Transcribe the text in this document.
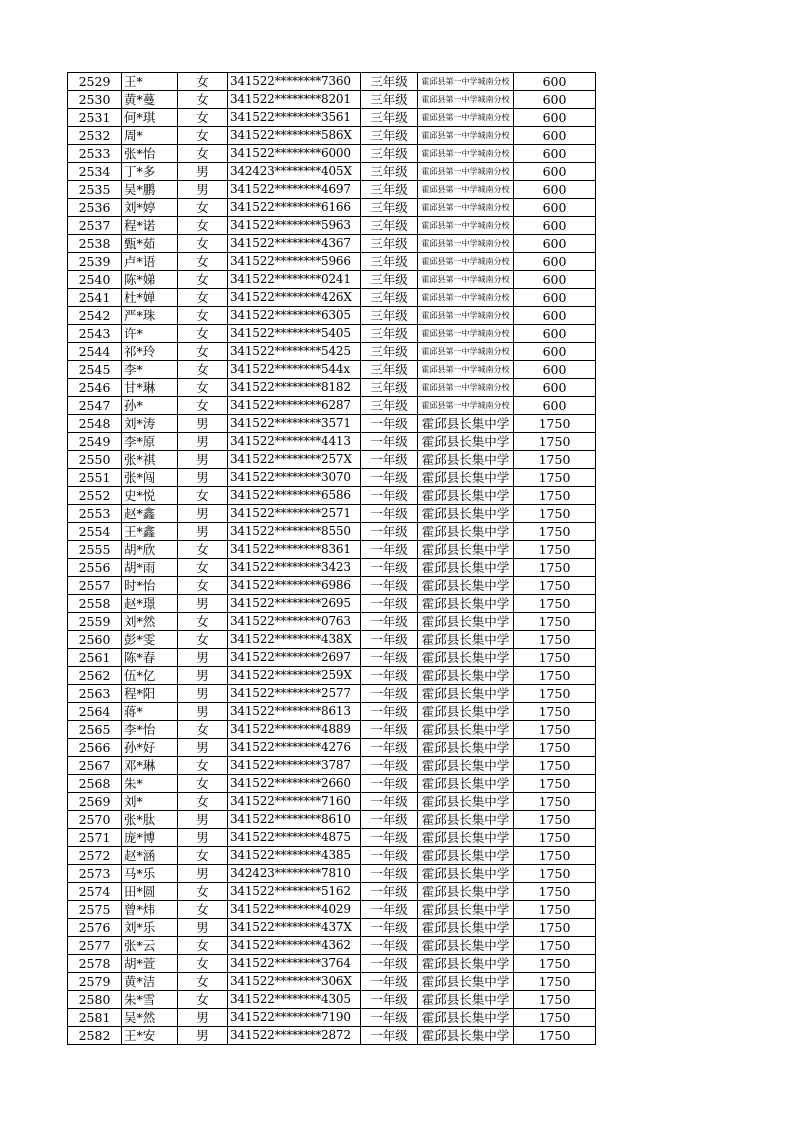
2529	王*	女	341522********7360	三年级	霍邱县第一中学城南分校	600
2530	黄*蔓	女	341522********8201	三年级	霍邱县第一中学城南分校	600
2531	何*琪	女	341522********3561	三年级	霍邱县第一中学城南分校	600
2532	周*	女	341522********586X	三年级	霍邱县第一中学城南分校	600
2533	张*怡	女	341522********6000	三年级	霍邱县第一中学城南分校	600
2534	丁*多	男	342423********405X	三年级	霍邱县第一中学城南分校	600
2535	吴*鹏	男	341522********4697	三年级	霍邱县第一中学城南分校	600
2536	刘*婷	女	341522********6166	三年级	霍邱县第一中学城南分校	600
2537	程*诺	女	341522********5963	三年级	霍邱县第一中学城南分校	600
2538	甄*茹	女	341522********4367	三年级	霍邱县第一中学城南分校	600
2539	卢*语	女	341522********5966	三年级	霍邱县第一中学城南分校	600
2540	陈*娣	女	341522********0241	三年级	霍邱县第一中学城南分校	600
2541	杜*婵	女	341522********426X	三年级	霍邱县第一中学城南分校	600
2542	严*珠	女	341522********6305	三年级	霍邱县第一中学城南分校	600
2543	许*	女	341522********5405	三年级	霍邱县第一中学城南分校	600
2544	祁*玲	女	341522********5425	三年级	霍邱县第一中学城南分校	600
2545	李*	女	341522********544x	三年级	霍邱县第一中学城南分校	600
2546	甘*琳	女	341522********8182	三年级	霍邱县第一中学城南分校	600
2547	孙*	女	341522********6287	三年级	霍邱县第一中学城南分校	600
2548	刘*涛	男	341522********3571	一年级	霍邱县长集中学	1750
2549	李*原	男	341522********4413	一年级	霍邱县长集中学	1750
2550	张*祺	男	341522********257X	一年级	霍邱县长集中学	1750
2551	张*闯	男	341522********3070	一年级	霍邱县长集中学	1750
2552	史*悦	女	341522********6586	一年级	霍邱县长集中学	1750
2553	赵*鑫	男	341522********2571	一年级	霍邱县长集中学	1750
2554	王*鑫	男	341522********8550	一年级	霍邱县长集中学	1750
2555	胡*欣	女	341522********8361	一年级	霍邱县长集中学	1750
2556	胡*雨	女	341522********3423	一年级	霍邱县长集中学	1750
2557	时*怡	女	341522********6986	一年级	霍邱县长集中学	1750
2558	赵*璟	男	341522********2695	一年级	霍邱县长集中学	1750
2559	刘*然	女	341522********0763	一年级	霍邱县长集中学	1750
2560	彭*雯	女	341522********438X	一年级	霍邱县长集中学	1750
2561	陈*春	男	341522********2697	一年级	霍邱县长集中学	1750
2562	伍*亿	男	341522********259X	一年级	霍邱县长集中学	1750
2563	程*阳	男	341522********2577	一年级	霍邱县长集中学	1750
2564	蒋*	男	341522********8613	一年级	霍邱县长集中学	1750
2565	李*怡	女	341522********4889	一年级	霍邱县长集中学	1750
2566	孙*好	男	341522********4276	一年级	霍邱县长集中学	1750
2567	邓*琳	女	341522********3787	一年级	霍邱县长集中学	1750
2568	朱*	女	341522********2660	一年级	霍邱县长集中学	1750
2569	刘*	女	341522********7160	一年级	霍邱县长集中学	1750
2570	张*肽	男	341522********8610	一年级	霍邱县长集中学	1750
2571	庞*博	男	341522********4875	一年级	霍邱县长集中学	1750
2572	赵*涵	女	341522********4385	一年级	霍邱县长集中学	1750
2573	马*乐	男	342423********7810	一年级	霍邱县长集中学	1750
2574	田*圆	女	341522********5162	一年级	霍邱县长集中学	1750
2575	曾*炜	女	341522********4029	一年级	霍邱县长集中学	1750
2576	刘*乐	男	341522********437X	一年级	霍邱县长集中学	1750
2577	张*云	女	341522********4362	一年级	霍邱县长集中学	1750
2578	胡*萱	女	341522********3764	一年级	霍邱县长集中学	1750
2579	黄*洁	女	341522********306X	一年级	霍邱县长集中学	1750
2580	朱*雪	女	341522********4305	一年级	霍邱县长集中学	1750
2581	吴*然	男	341522********7190	一年级	霍邱县长集中学	1750
2582	王*安	男	341522********2872	一年级	霍邱县长集中学	1750
